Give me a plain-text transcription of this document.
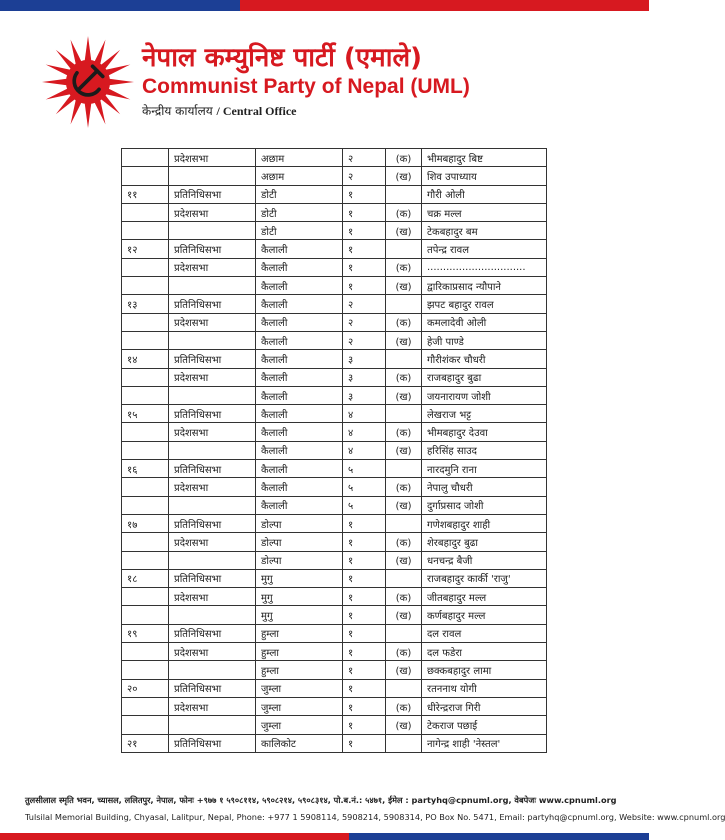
नेपाल कम्युनिष्ट पार्टी (एमाले)
Communist Party of Nepal (UML)
केन्द्रीय कार्यालय / Central Office
	प्रदेशसभा	अछाम	२	(क)	भीमबहादुर बिष्ट
		अछाम	२	(ख)	शिव उपाध्याय
११	प्रतिनिधिसभा	डोटी	१		गौरी ओली
	प्रदेशसभा	डोटी	१	(क)	चक्र मल्ल
		डोटी	१	(ख)	टेकबहादुर बम
१२	प्रतिनिधिसभा	कैलाली	१		तपेन्द्र रावल
	प्रदेशसभा	कैलाली	१	(क)	...............................
		कैलाली	१	(ख)	द्वारिकाप्रसाद न्यौपाने
१३	प्रतिनिधिसभा	कैलाली	२		झपट बहादुर रावल
	प्रदेशसभा	कैलाली	२	(क)	कमलादेवी ओली
		कैलाली	२	(ख)	हेजी पाण्डे
१४	प्रतिनिधिसभा	कैलाली	३		गौरीशंकर चौधरी
	प्रदेशसभा	कैलाली	३	(क)	राजबहादुर बुढा
		कैलाली	३	(ख)	जयनारायण जोशी
१५	प्रतिनिधिसभा	कैलाली	४		लेखराज भट्ट
	प्रदेशसभा	कैलाली	४	(क)	भीमबहादुर देउवा
		कैलाली	४	(ख)	हरिसिंह साउद
१६	प्रतिनिधिसभा	कैलाली	५		नारदमुनि राना
	प्रदेशसभा	कैलाली	५	(क)	नेपालु चौधरी
		कैलाली	५	(ख)	दुर्गाप्रसाद जोशी
१७	प्रतिनिधिसभा	डोल्पा	१		गणेशबहादुर शाही
	प्रदेशसभा	डोल्पा	१	(क)	शेरबहादुर बुढा
		डोल्पा	१	(ख)	धनचन्द्र बैजी
१८	प्रतिनिधिसभा	मुगु	१		राजबहादुर कार्की 'राजु'
	प्रदेशसभा	मुगु	१	(क)	जीतबहादुर मल्ल
		मुगु	१	(ख)	कर्णबहादुर मल्ल
१९	प्रतिनिधिसभा	हुम्ला	१		दल रावल
	प्रदेशसभा	हुम्ला	१	(क)	दल फडेरा
		हुम्ला	१	(ख)	छक्कबहादुर लामा
२०	प्रतिनिधिसभा	जुम्ला	१		रतननाथ योगी
	प्रदेशसभा	जुम्ला	१	(क)	धीरेन्द्रराज गिरी
		जुम्ला	१	(ख)	टेकराज पछाई
२१	प्रतिनिधिसभा	कालिकोट	१		नागेन्द्र शाही 'नेस्तल'
तुलसीलाल स्मृति भवन, च्यासल, ललितपुर, नेपाल, फोनः +९७७ १ ५९०८११४, ५९०८२१४, ५९०८३१४, पो.ब.नं.: ५४७१, ईमेल : partyhq@cpnuml.org, वेबपेजः www.cpnuml.org
Tulsilal Memorial Building, Chyasal, Lalitpur, Nepal, Phone: +977 1 5908114, 5908214, 5908314, PO Box No. 5471, Email: partyhq@cpnuml.org, Website: www.cpnuml.org
